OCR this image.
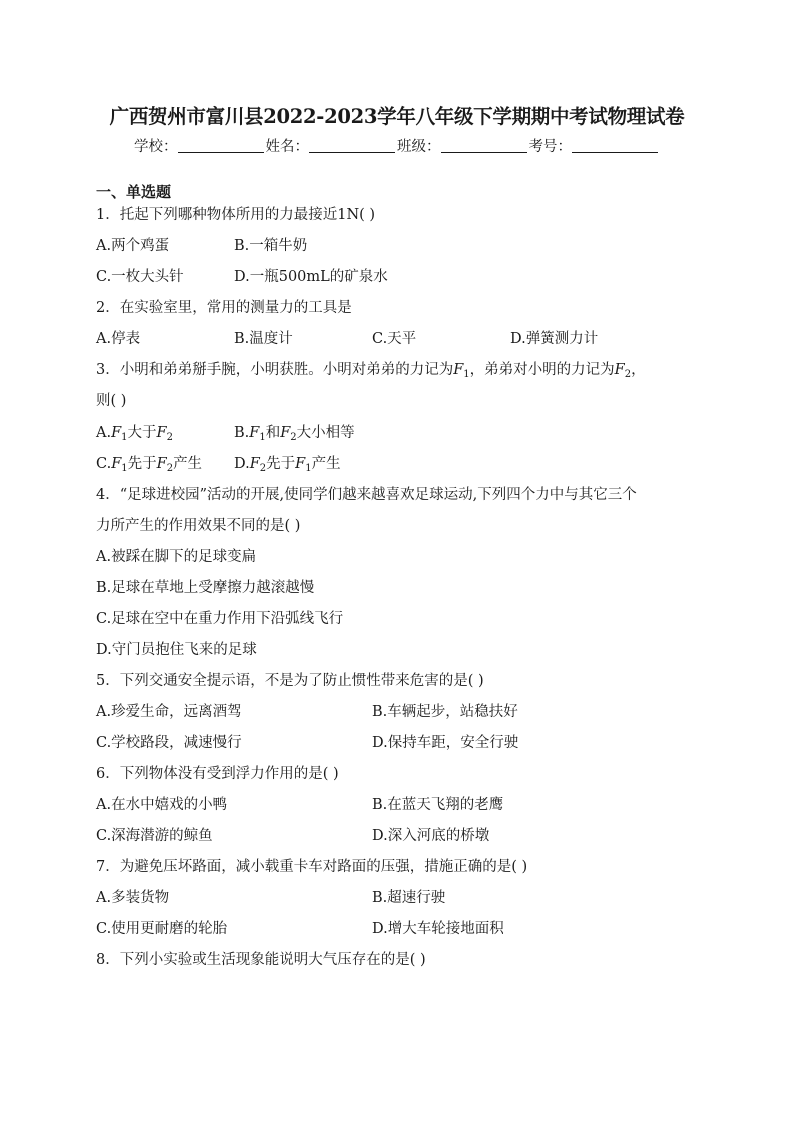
广西贺州市富川县2022-2023学年八年级下学期期中考试物理试卷
学校：	姓名：	班级：	考号：
一、单选题
1．托起下列哪种物体所用的力最接近1N( )
A.两个鸡蛋	B.一箱牛奶
C.一枚大头针	D.一瓶500mL的矿泉水
2．在实验室里，常用的测量力的工具是
A.停表	B.温度计	C.天平	D.弹簧测力计
3．小明和弟弟掰手腕，小明获胜。小明对弟弟的力记为$F_1$，弟弟对小明的力记为$F_2$，
则( )
$A.F_1$大于$F_2$	$B.F_1$和$F_2$大小相等
$C.F_1$先于$F_2$产生 $D.F_2$先于$F_1$产生
4．“足球进校园”活动的开展,使同学们越来越喜欢足球运动,下列四个力中与其它三个
力所产生的作用效果不同的是( )
A.被踩在脚下的足球变扁
B.足球在草地上受摩擦力越滚越慢
C.足球在空中在重力作用下沿弧线飞行
D.守门员抱住飞来的足球
5．下列交通安全提示语，不是为了防止惯性带来危害的是( )
A.珍爱生命，远离酒驾	B.车辆起步，站稳扶好
C.学校路段，减速慢行	D.保持车距，安全行驶
6．下列物体没有受到浮力作用的是( )
A.在水中嬉戏的小鸭	B.在蓝天飞翔的老鹰
C.深海潜游的鲸鱼	D.深入河底的桥墩
7．为避免压坏路面，减小载重卡车对路面的压强，措施正确的是( )
A.多装货物	B.超速行驶
C.使用更耐磨的轮胎	D.增大车轮接地面积
8．下列小实验或生活现象能说明大气压存在的是( )
